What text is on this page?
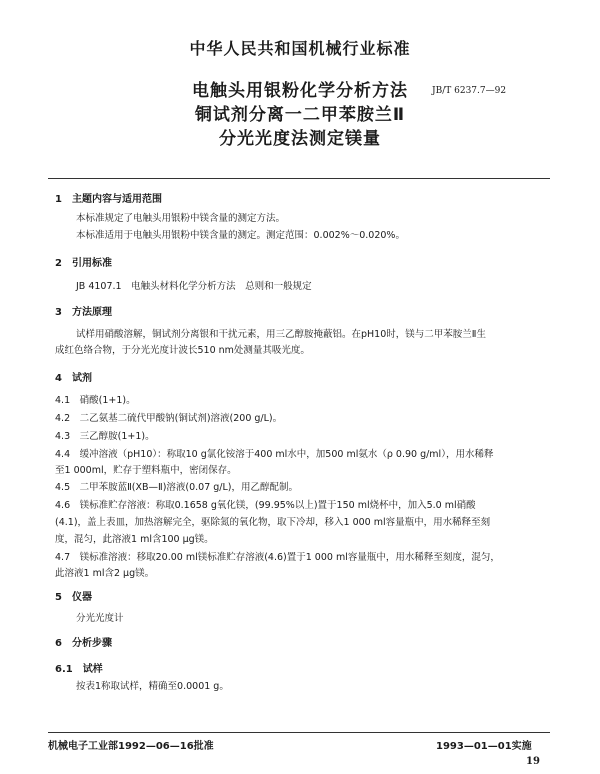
中华人民共和国机械行业标准
电触头用银粉化学分析方法
铜试剂分离一二甲苯胺兰Ⅱ
分光光度法测定镁量
JB/T 6237.7—92
1　主题内容与适用范围
本标准规定了电触头用银粉中镁含量的测定方法。
本标准适用于电触头用银粉中镁含量的测定。测定范围：0.002%～0.020%。
2　引用标准
JB 4107.1　电触头材料化学分析方法　总则和一般规定
3　方法原理
试样用硝酸溶解，铜试剂分离银和干扰元素，用三乙醇胺掩蔽铝。在pH10时，镁与二甲苯胺兰Ⅱ生
成红色络合物，于分光光度计波长510 nm处测量其吸光度。
4　试剂
4.1　硝酸(1+1)。
4.2　二乙氨基二硫代甲酸钠(铜试剂)溶液(200 g/L)。
4.3　三乙醇胺(1+1)。
4.4　缓冲溶液（pH10）：称取10 g氯化铵溶于400 ml水中，加500 ml氨水（ρ 0.90 g/ml），用水稀释
至1 000ml，贮存于塑料瓶中，密闭保存。
4.5　二甲苯胺蓝Ⅱ(XB—Ⅱ)溶液(0.07 g/L)，用乙醇配制。
4.6　镁标准贮存溶液：称取0.1658 g氧化镁，(99.95%以上)置于150 ml烧杯中，加入5.0 ml硝酸
(4.1)，盖上表皿，加热溶解完全，驱除氮的氧化物，取下冷却，移入1 000 ml容量瓶中，用水稀释至刻
度，混匀，此溶液1 ml含100 μg镁。
4.7　镁标准溶液：移取20.00 ml镁标准贮存溶液(4.6)置于1 000 ml容量瓶中，用水稀释至刻度，混匀，
此溶液1 ml含2 μg镁。
5　仪器
分光光度计
6　分析步骤
6.1　试样
按表1称取试样，精确至0.0001 g。
机械电子工业部1992—06—16批准	1993—01—01实施
19
